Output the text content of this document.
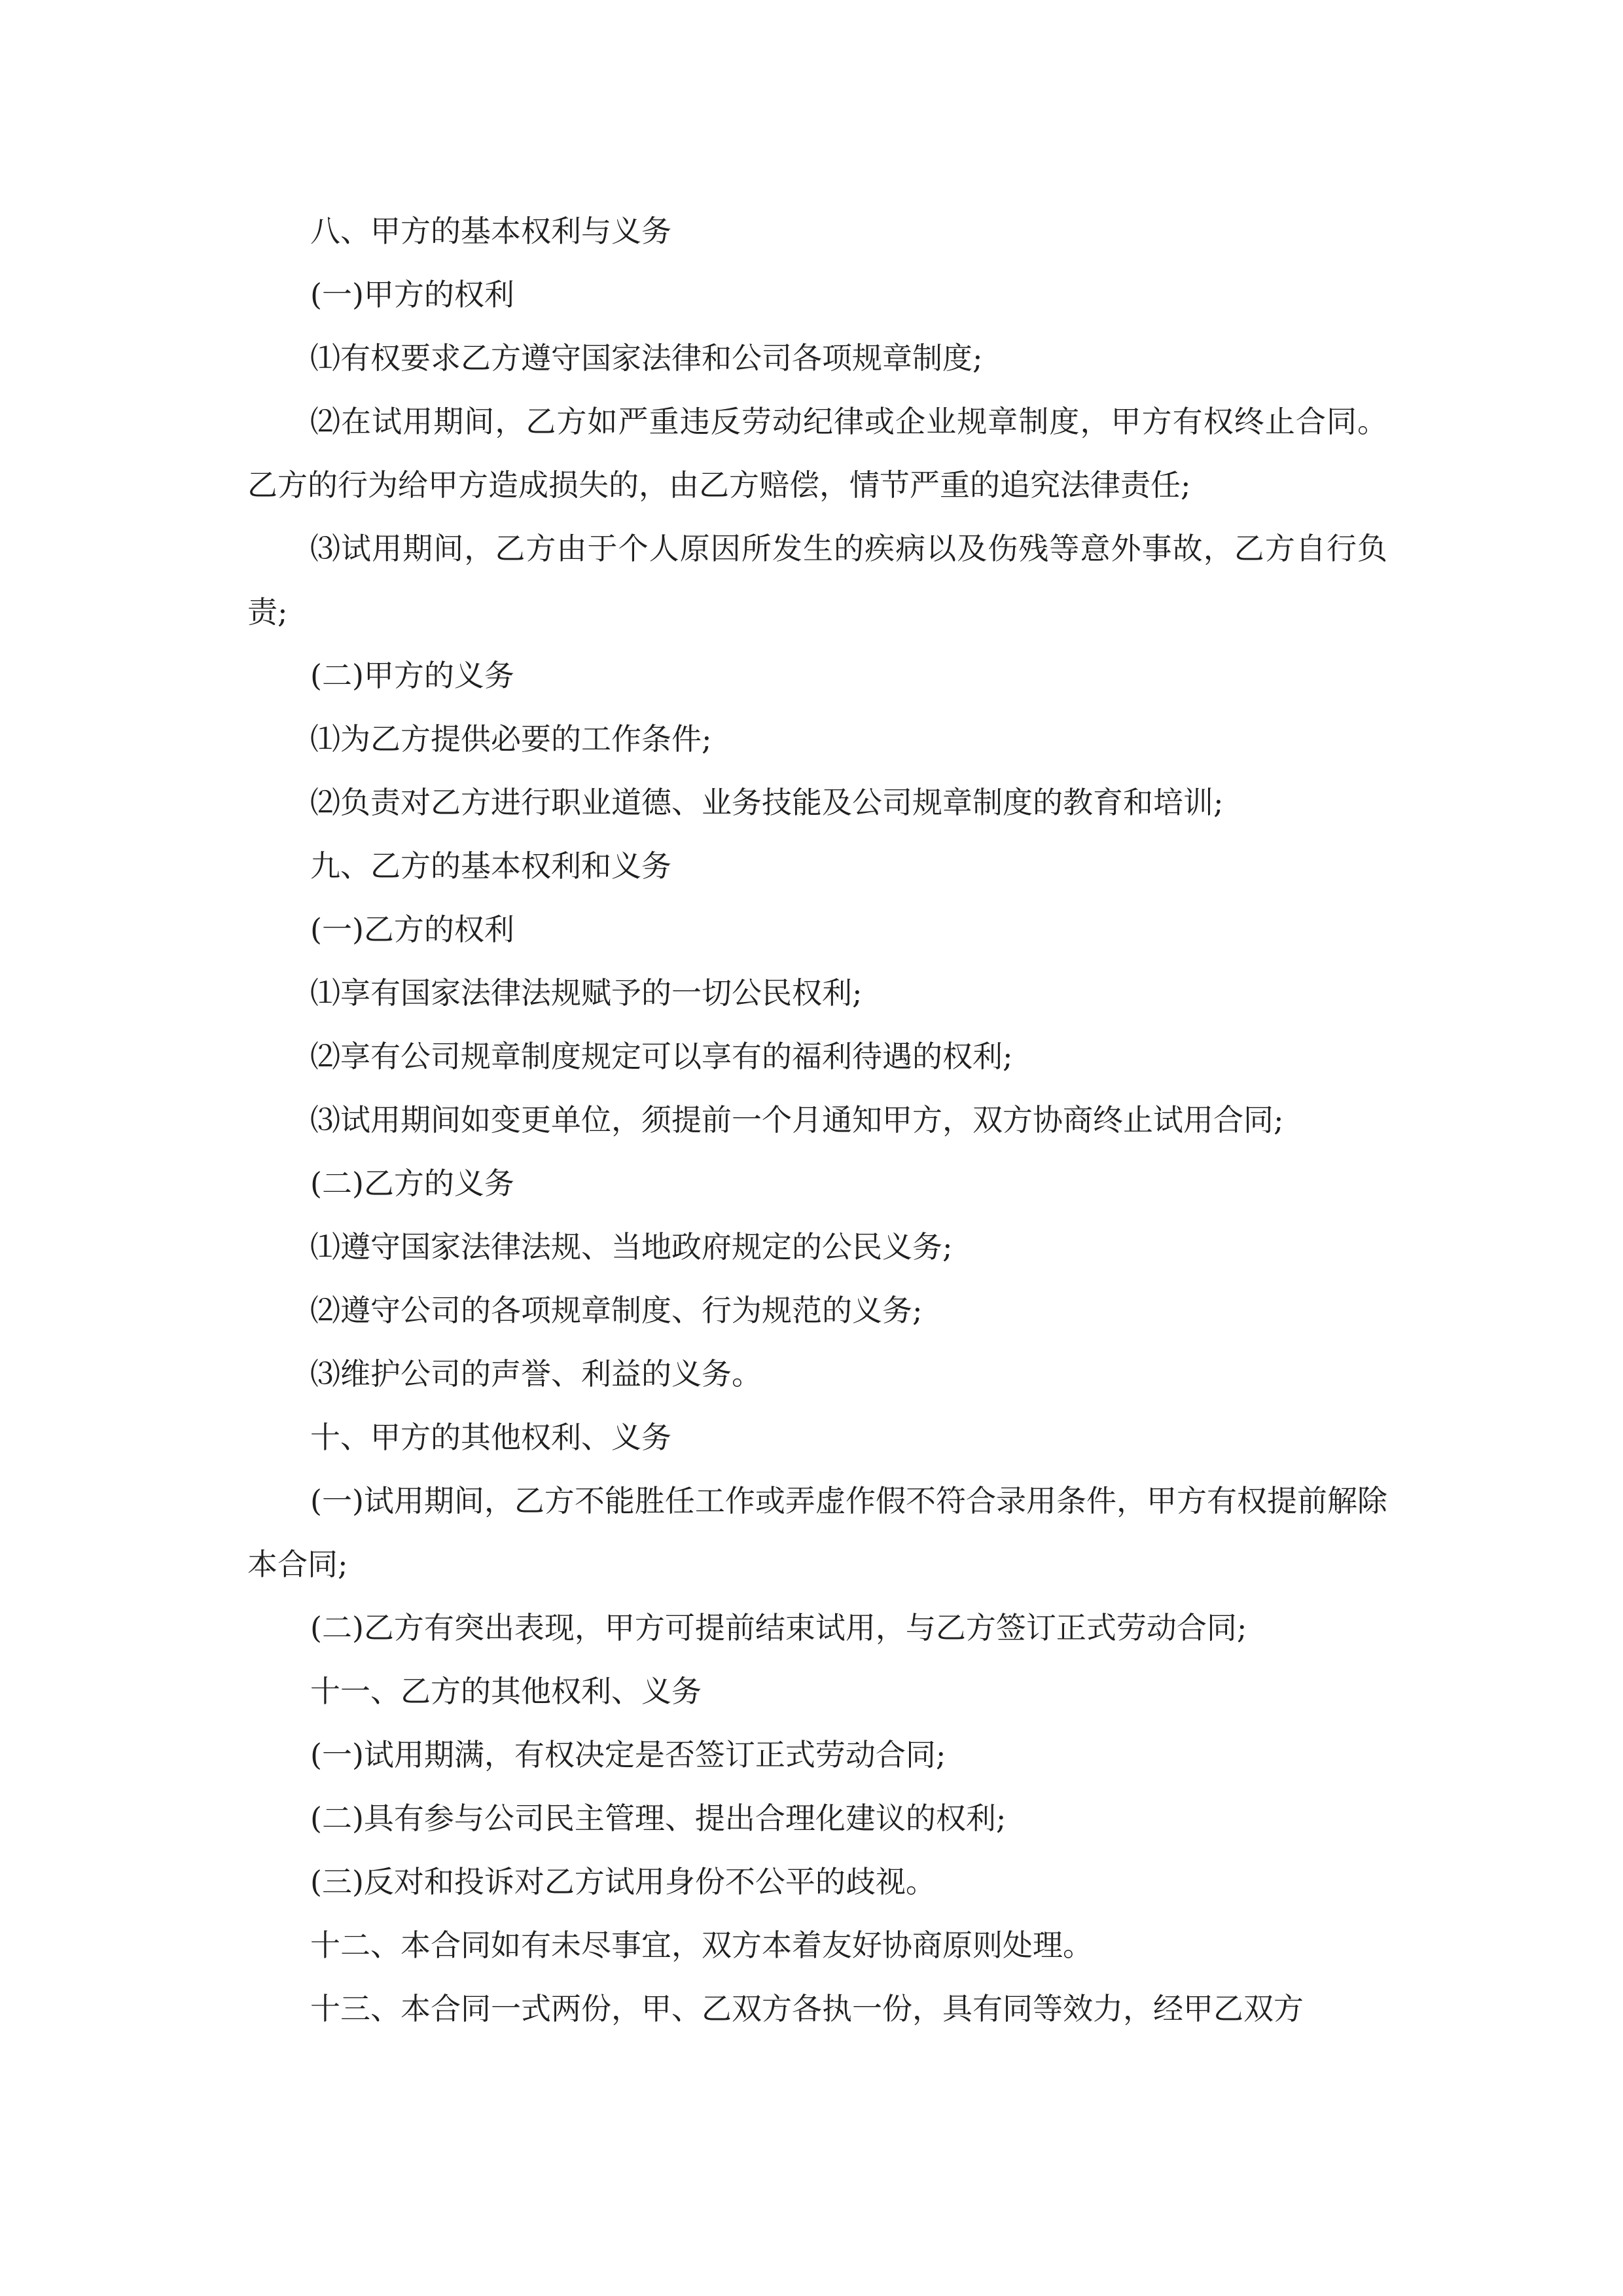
八、甲方的基本权利与义务

(一)甲方的权利

⑴有权要求乙方遵守国家法律和公司各项规章制度;

⑵在试用期间，乙方如严重违反劳动纪律或企业规章制度，甲方有权终止合同。乙方的行为给甲方造成损失的，由乙方赔偿，情节严重的追究法律责任;

⑶试用期间，乙方由于个人原因所发生的疾病以及伤残等意外事故，乙方自行负责;

(二)甲方的义务

⑴为乙方提供必要的工作条件;

⑵负责对乙方进行职业道德、业务技能及公司规章制度的教育和培训;

九、乙方的基本权利和义务

(一)乙方的权利

⑴享有国家法律法规赋予的一切公民权利;

⑵享有公司规章制度规定可以享有的福利待遇的权利;

⑶试用期间如变更单位，须提前一个月通知甲方，双方协商终止试用合同;

(二)乙方的义务

⑴遵守国家法律法规、当地政府规定的公民义务;

⑵遵守公司的各项规章制度、行为规范的义务;

⑶维护公司的声誉、利益的义务。

十、甲方的其他权利、义务

(一)试用期间，乙方不能胜任工作或弄虚作假不符合录用条件，甲方有权提前解除本合同;

(二)乙方有突出表现，甲方可提前结束试用，与乙方签订正式劳动合同;

十一、乙方的其他权利、义务

(一)试用期满，有权决定是否签订正式劳动合同;

(二)具有参与公司民主管理、提出合理化建议的权利;

(三)反对和投诉对乙方试用身份不公平的歧视。

十二、本合同如有未尽事宜，双方本着友好协商原则处理。

十三、本合同一式两份，甲、乙双方各执一份，具有同等效力，经甲乙双方
